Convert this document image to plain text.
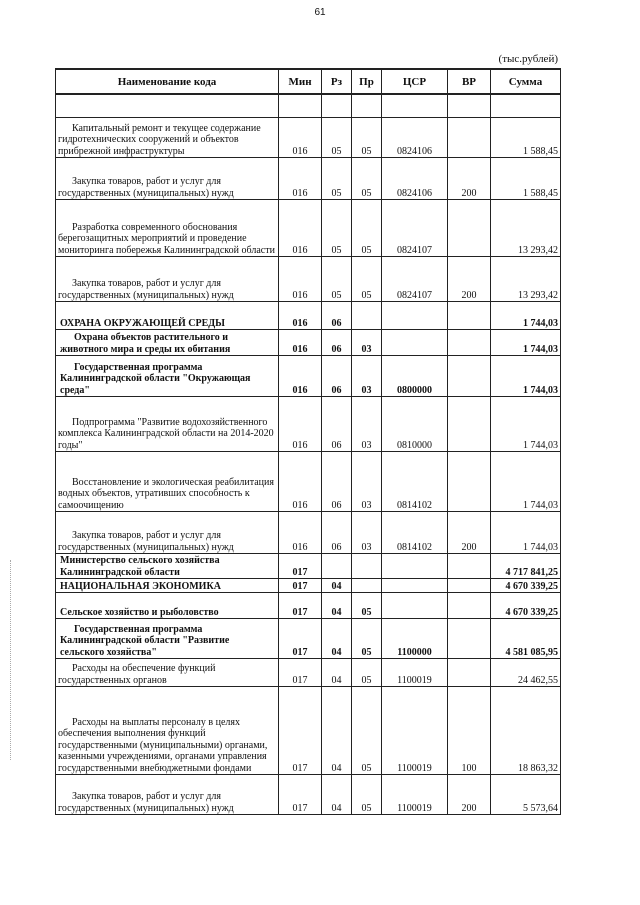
61
(тыс.рублей)
Наименование кода	Мин	Рз	Пр	ЦСР	ВР	Сумма

Капитальный ремонт и текущее содержание гидротехнических сооружений и объектов прибрежной инфраструктуры	016	05	05	0824106		1 588,45
Закупка товаров, работ и услуг для государственных (муниципальных) нужд	016	05	05	0824106	200	1 588,45
Разработка современного обоснования берегозащитных мероприятий и проведение мониторинга побережья Калининградской области	016	05	05	0824107		13 293,42
Закупка товаров, работ и услуг для государственных (муниципальных) нужд	016	05	05	0824107	200	13 293,42
ОХРАНА ОКРУЖАЮЩЕЙ СРЕДЫ	016	06				1 744,03
Охрана объектов растительного и животного мира и среды их обитания	016	06	03			1 744,03
Государственная программа Калининградской области "Окружающая среда"	016	06	03	0800000		1 744,03
Подпрограмма "Развитие водохозяйственного комплекса Калининградской области на 2014-2020 годы"	016	06	03	0810000		1 744,03
Восстановление и экологическая реабилитация водных объектов, утративших способность к самоочищению	016	06	03	0814102		1 744,03
Закупка товаров, работ и услуг для государственных (муниципальных) нужд	016	06	03	0814102	200	1 744,03
Министерство сельского хозяйства Калининградской области	017					4 717 841,25
НАЦИОНАЛЬНАЯ ЭКОНОМИКА	017	04				4 670 339,25
Сельское хозяйство и рыболовство	017	04	05			4 670 339,25
Государственная программа Калининградской области "Развитие сельского хозяйства"	017	04	05	1100000		4 581 085,95
Расходы на обеспечение функций государственных органов	017	04	05	1100019		24 462,55
Расходы на выплаты персоналу в целях обеспечения выполнения функций государственными (муниципальными) органами, казенными учреждениями, органами управления государственными внебюджетными фондами	017	04	05	1100019	100	18 863,32
Закупка товаров, работ и услуг для государственных (муниципальных) нужд	017	04	05	1100019	200	5 573,64
